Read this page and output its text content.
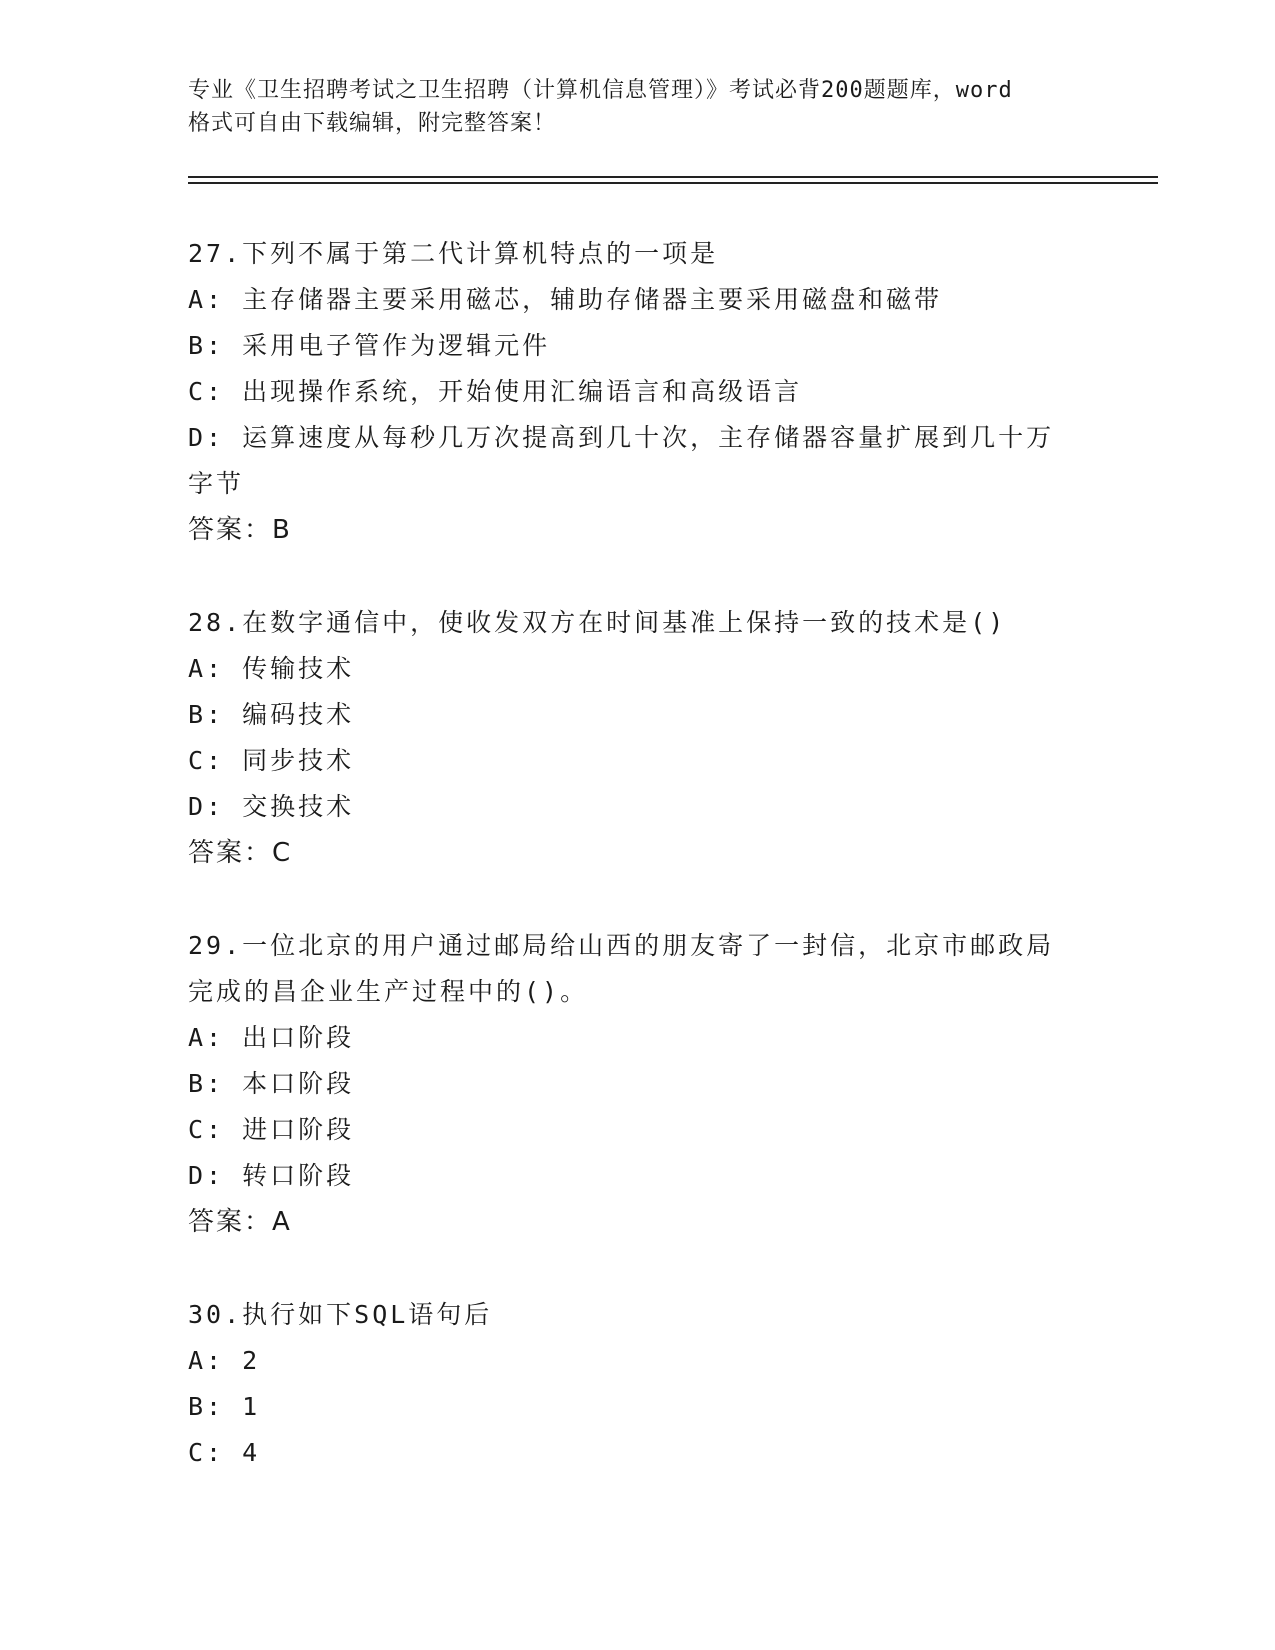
专业《卫生招聘考试之卫生招聘（计算机信息管理）》考试必背200题题库，word
格式可自由下载编辑，附完整答案！
27.下列不属于第二代计算机特点的一项是
A: 主存储器主要采用磁芯，辅助存储器主要采用磁盘和磁带
B: 采用电子管作为逻辑元件
C: 出现操作系统，开始使用汇编语言和高级语言
D: 运算速度从每秒几万次提高到几十次，主存储器容量扩展到几十万
字节
答案：B
28.在数字通信中，使收发双方在时间基准上保持一致的技术是()
A: 传输技术
B: 编码技术
C: 同步技术
D: 交换技术
答案：C
29.一位北京的用户通过邮局给山西的朋友寄了一封信，北京市邮政局
完成的昌企业生产过程中的()。
A: 出口阶段
B: 本口阶段
C: 进口阶段
D: 转口阶段
答案：A
30.执行如下SQL语句后
A: 2
B: 1
C: 4
